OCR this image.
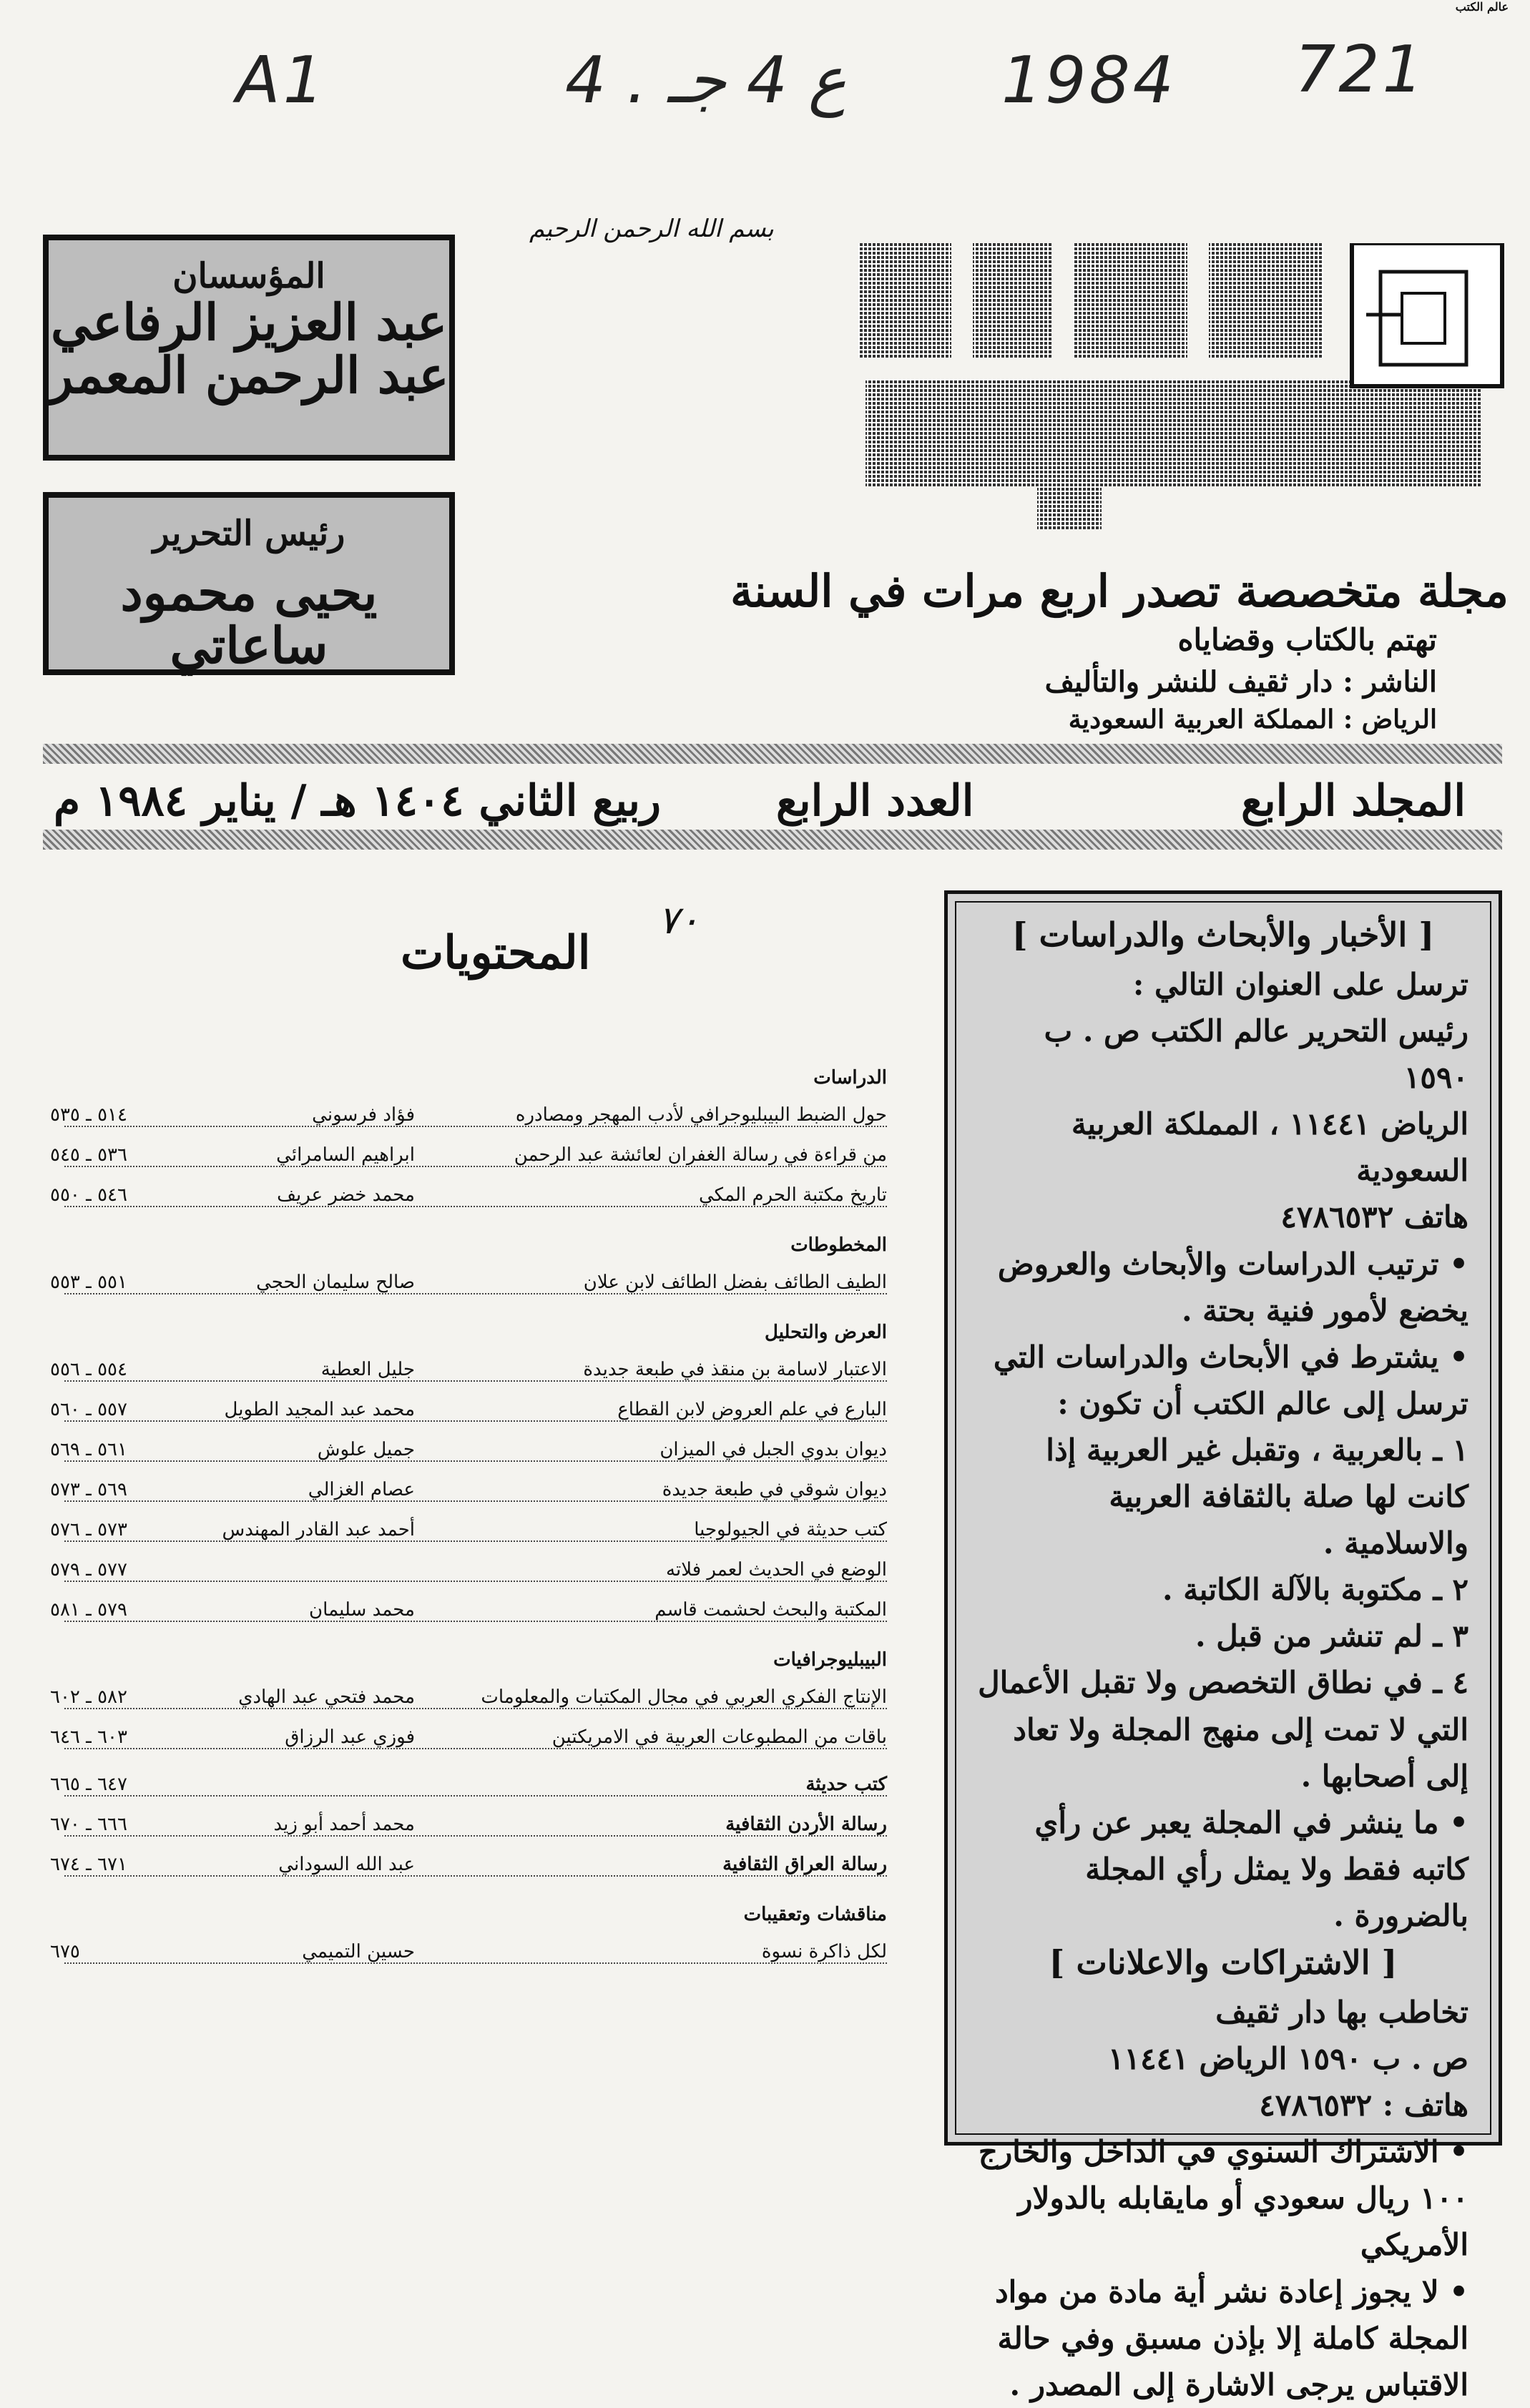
A1	4 . ع 4 جـ 1984 721
بسم الله الرحمن الرحيم
المؤسسان
عبد العزيز الرفاعي
عبد الرحمن المعمر
رئيس التحرير
يحيى محمود ساعاتي
عالم الكتب
مجلة متخصصة تصدر اربع مرات في السنة
تهتم بالكتاب وقضاياه
الناشر : دار ثقيف للنشر والتأليف
الرياض : المملكة العربية السعودية
المجلد الرابع
العدد الرابع
ربيع الثاني ١٤٠٤ هـ / يناير ١٩٨٤ م
٧٠
المحتويات
الدراسات
حول الضبط البيبليوجرافي لأدب المهجر ومصادره
فؤاد فرسوني
٥١٤ ـ ٥٣٥
من قراءة في رسالة الغفران لعائشة عبد الرحمن
ابراهيم السامرائي
٥٣٦ ـ ٥٤٥
تاريخ مكتبة الحرم المكي
محمد خضر عريف
٥٤٦ ـ ٥٥٠
المخطوطات
الطيف الطائف بفضل الطائف لابن علان
صالح سليمان الحجي
٥٥١ ـ ٥٥٣
العرض والتحليل
الاعتبار لاسامة بن منقذ في طبعة جديدة
جليل العطية
٥٥٤ ـ ٥٥٦
البارع في علم العروض لابن القطاع
محمد عبد المجيد الطويل
٥٥٧ ـ ٥٦٠
ديوان بدوي الجبل في الميزان
جميل علوش
٥٦١ ـ ٥٦٩
ديوان شوقي في طبعة جديدة
عصام الغزالي
٥٦٩ ـ ٥٧٣
كتب حديثة في الجيولوجيا
أحمد عبد القادر المهندس
٥٧٣ ـ ٥٧٦
الوضع في الحديث لعمر فلاته
٥٧٧ ـ ٥٧٩
المكتبة والبحث لحشمت قاسم
محمد سليمان
٥٧٩ ـ ٥٨١
البيبليوجرافيات
الإنتاج الفكري العربي في مجال المكتبات والمعلومات
محمد فتحي عبد الهادي
٥٨٢ ـ ٦٠٢
باقات من المطبوعات العربية في الامريكتين
فوزي عبد الرزاق
٦٠٣ ـ ٦٤٦
كتب حديثة
٦٤٧ ـ ٦٦٥
رسالة الأردن الثقافية
محمد أحمد أبو زيد
٦٦٦ ـ ٦٧٠
رسالة العراق الثقافية
عبد الله السوداني
٦٧١ ـ ٦٧٤
مناقشات وتعقيبات
لكل ذاكرة نسوة
حسين التميمي
٦٧٥
[ الأخبار والأبحاث والدراسات ]

ترسل على العنوان التالي :

رئيس التحرير عالم الكتب ص . ب ١٥٩٠

الرياض ١١٤٤١ ، المملكة العربية السعودية

هاتف ٤٧٨٦٥٣٢

• ترتيب الدراسات والأبحاث والعروض يخضع لأمور فنية بحتة .

• يشترط في الأبحاث والدراسات التي ترسل إلى عالم الكتب أن تكون :

١ ـ بالعربية ، وتقبل غير العربية إذا كانت لها صلة بالثقافة العربية والاسلامية .

٢ ـ مكتوبة بالآلة الكاتبة .

٣ ـ لم تنشر من قبل .

٤ ـ في نطاق التخصص ولا تقبل الأعمال التي لا تمت إلى منهج المجلة ولا تعاد إلى أصحابها .

• ما ينشر في المجلة يعبر عن رأي كاتبه فقط ولا يمثل رأي المجلة بالضرورة .

[ الاشتراكات والاعلانات ]

تخاطب بها دار ثقيف

ص . ب ١٥٩٠ الرياض ١١٤٤١

هاتف : ٤٧٨٦٥٣٢

• الاشتراك السنوي في الداخل والخارج

١٠٠ ريال سعودي أو مايقابله بالدولار الأمريكي

• لا يجوز إعادة نشر أية مادة من مواد المجلة كاملة إلا بإذن مسبق وفي حالة الاقتباس يرجى الاشارة إلى المصدر .
